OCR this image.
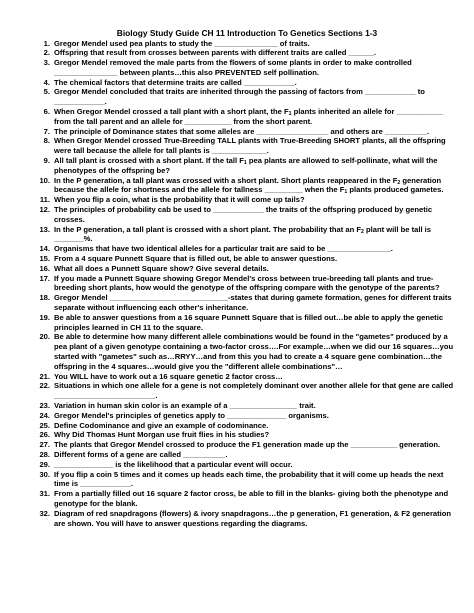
Biology Study Guide CH 11 Introduction To Genetics Sections 1-3
1. Gregor Mendel used pea plants to study the _______________ of traits.
2. Offspring that result from crosses between parents with different traits are called ______.
3. Gregor Mendel removed the male parts from the flowers of some plants in order to make controlled _______________ between plants…this also PREVENTED self pollination.
4. The chemical factors that determine traits are called ____________.
5. Gregor Mendel concluded that traits are inherited through the passing of factors from ____________ to ____________.
6. When Gregor Mendel crossed a tall plant with a short plant, the $F_1$ plants inherited an allele for ___________ from the tall parent and an allele for ___________ from the short parent.
7. The principle of Dominance states that some alleles are _________________ and others are __________.
8. When Gregor Mendel crossed True-Breeding TALL plants with True-Breeding SHORT plants, all the offspring were tall because the allele for tall plants is _____________.
9. All tall plant is crossed with a short plant. If the tall $F_1$ pea plants are allowed to self-pollinate, what will the phenotypes of the offspring be?
10. In the P generation, a tall plant was crossed with a short plant. Short plants reappeared in the $F_2$ generation because the allele for shortness and the allele for tallness _________ when the $F_1$ plants produced gametes.
11. When you flip a coin, what is the probability that it will come up tails?
12. The principles of probability cab be used to ____________ the traits of the offspring produced by genetic crosses.
13. In the P generation, a tall plant is crossed with a short plant. The probability that an $F_2$ plant will be tall is _______%.
14. Organisms that have two identical alleles for a particular trait are said to be _______________.
15. From a 4 square Punnett Square that is filled out, be able to answer questions.
16. What all does a Punnett Square show? Give several details.
17. If you made a Punnett Square showing Gregor Mendel's cross between true-breeding tall plants and true-breeding short plants, how would the genotype of the offspring compare with the genotype of the parents?
18. Gregor Mendel ____________________________-states that during gamete formation, genes for different traits separate without influencing each other's inheritance.
19. Be able to answer questions from a 16 square Punnett Square that is filled out…be able to apply the genetic principles learned in CH 11 to the square.
20. Be able to determine how many different allele combinations would be found in the "gametes" produced by a pea plant of a given genotype containing a two-factor cross….For example…when we did our 16 squares…you started with "gametes" such as…RRYY…and from this you had to create a 4 square gene combination…the offspring in the 4 squares…would give you the "different allele combinations"…
21. You WILL have to work out a 16 square genetic 2 factor cross…
22. Situations in which one allele for a gene is not completely dominant over another allele for that gene are called ________________________.
23. Variation in human skin color is an example of a ________________ trait.
24. Gregor Mendel's principles of genetics apply to ______________ organisms.
25. Define Codominance and give an example of codominance.
26. Why Did Thomas Hunt Morgan use fruit flies in his studies?
27. The plants that Gregor Mendel crossed to produce the F1 generation made up the ___________ generation.
28. Different forms of a gene are called __________.
29. ______________ is the likelihood that a particular event will occur.
30. If you flip a coin 5 times and it comes up heads each time, the probability that it will come up heads the next time is ____________.
31. From a partially filled out 16 square 2 factor cross, be able to fill in the blanks- giving both the phenotype and genotype for the blank.
32. Diagram of red snapdragons (flowers) & ivory snapdragons…the p generation, F1 generation, & F2 generation are shown. You will have to answer questions regarding the diagrams.
